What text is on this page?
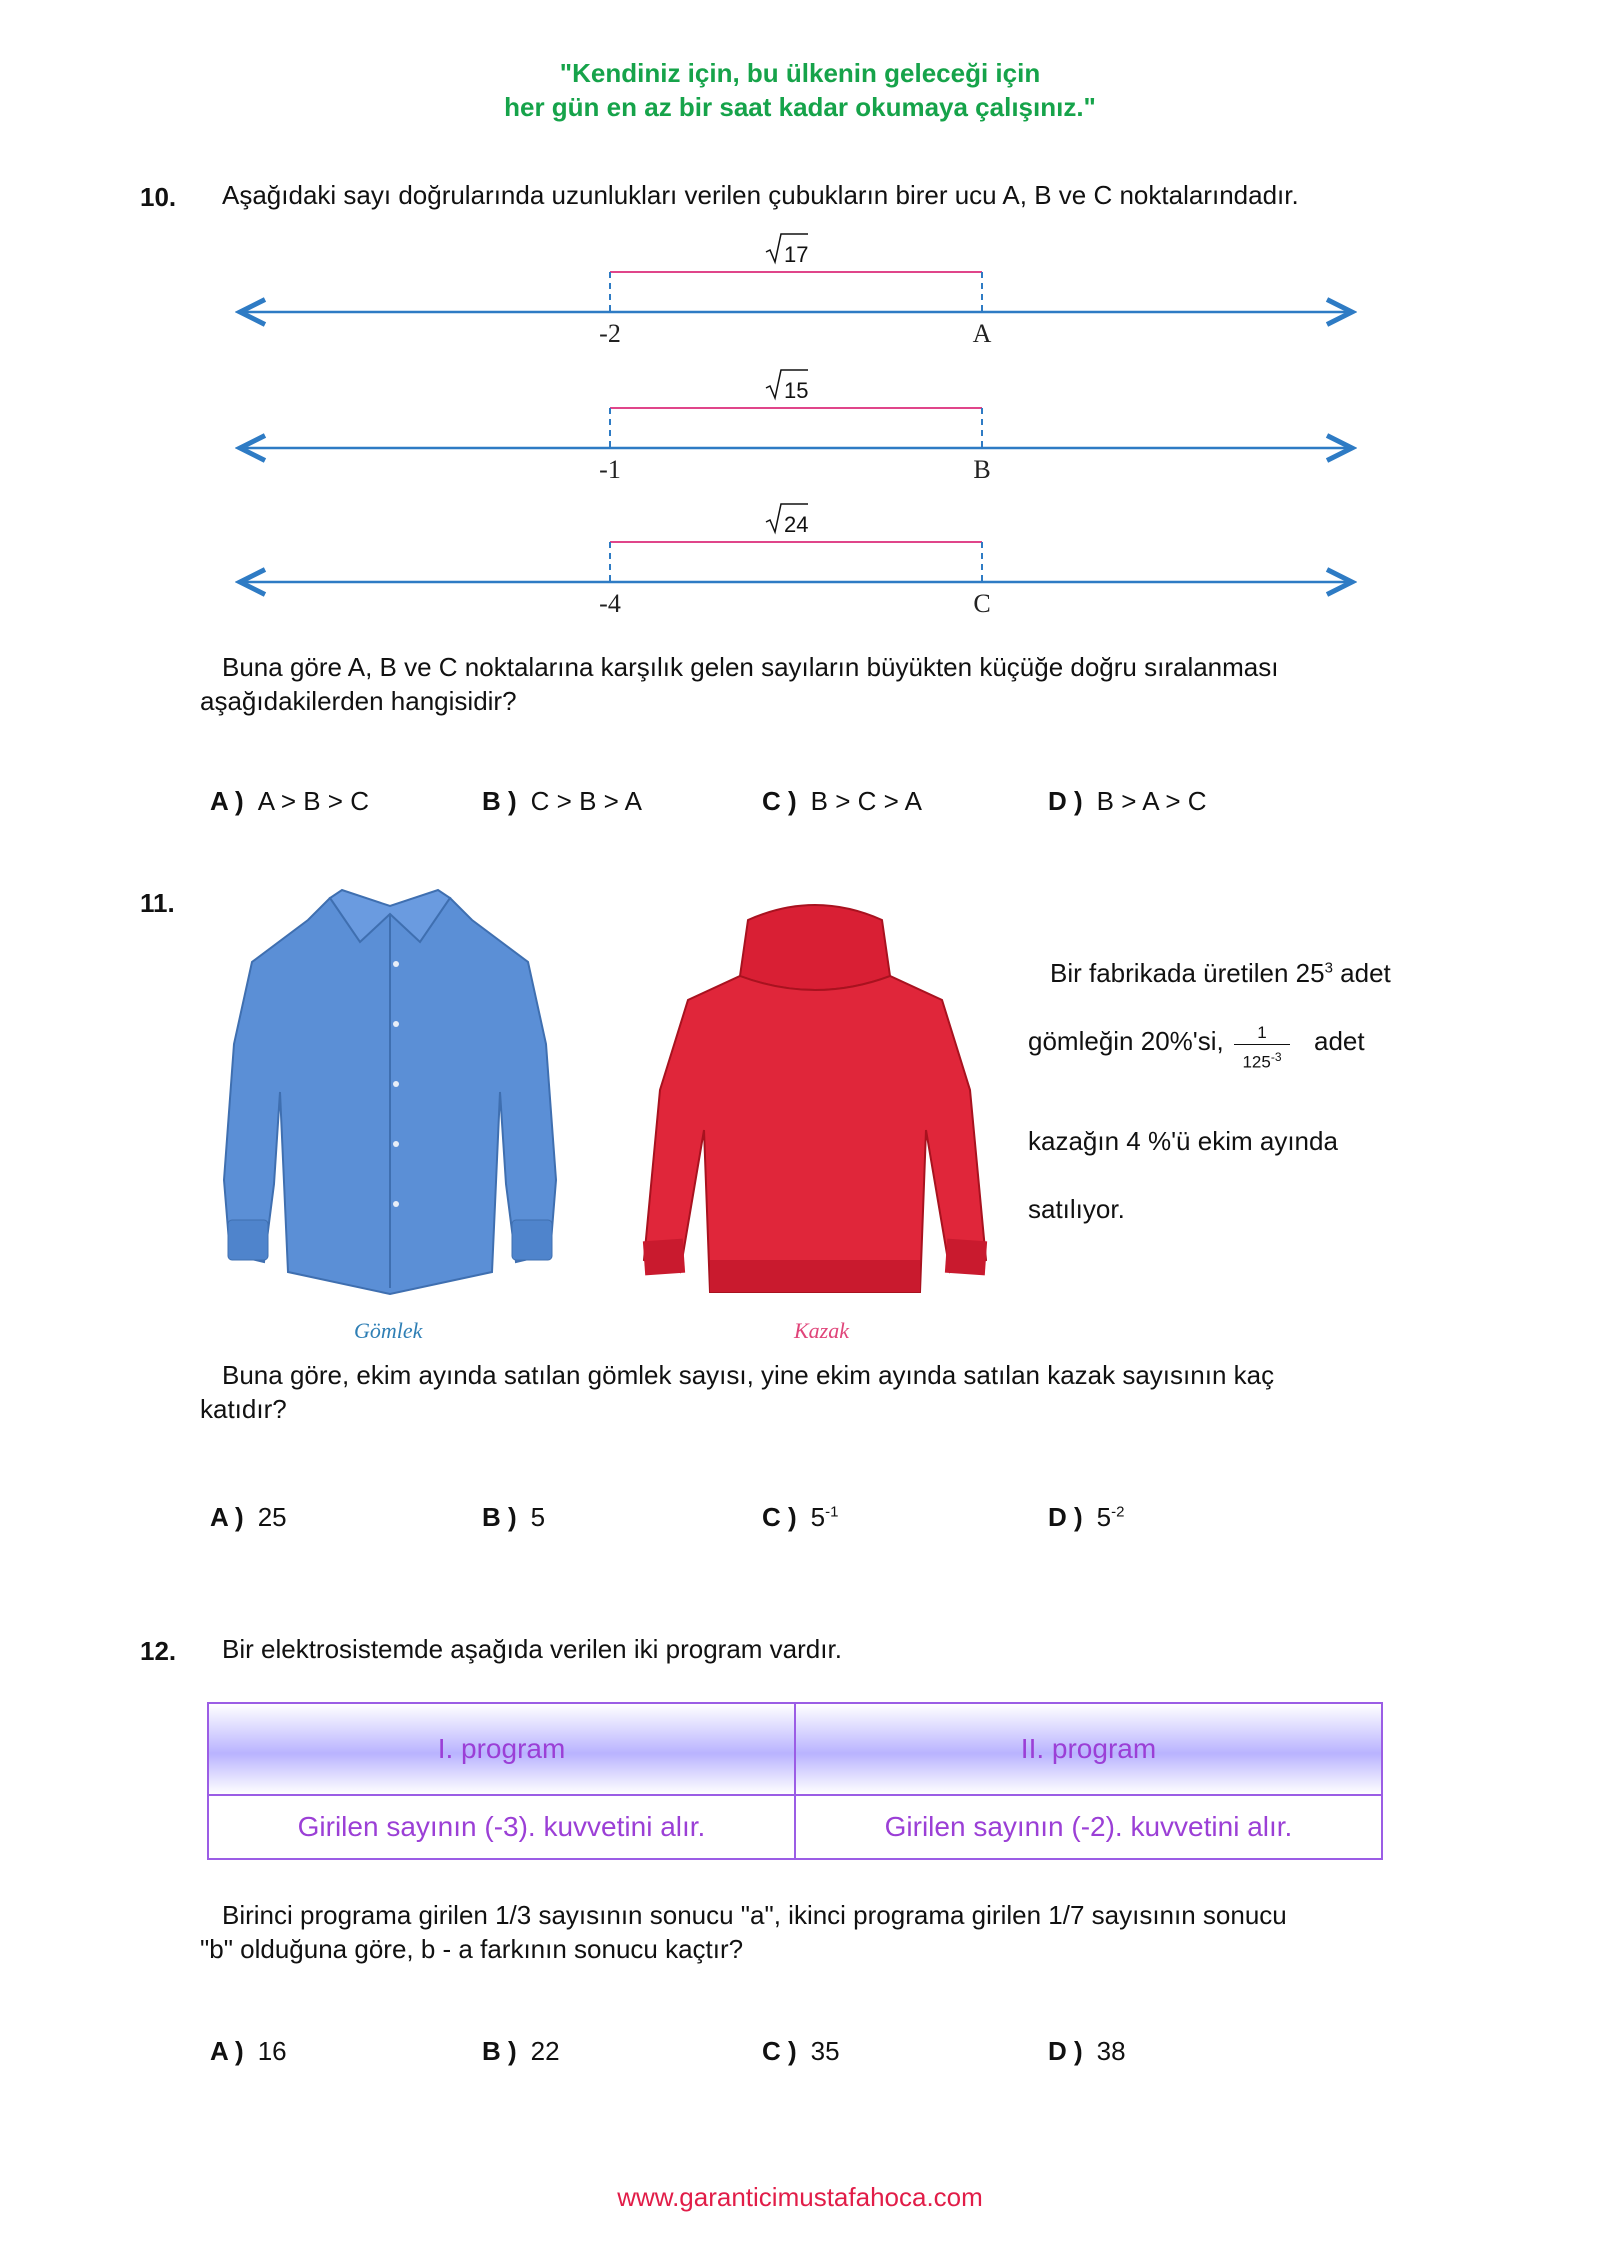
"Kendiniz için, bu ülkenin geleceği için
her gün en az bir saat kadar okumaya çalışınız."
10. Aşağıdaki sayı doğrularında uzunlukları verilen çubukların birer ucu A, B ve C noktalarındadır.
17
-2	A
15
-1	B
24
-4	C
Buna göre A, B ve C noktalarına karşılık gelen sayıların büyükten küçüğe doğru sıralanması
aşağıdakilerden hangisidir?
A ) A > B > C	B ) C > B > A	C ) B > C > A	D ) B > A > C
11.
Gömlek	Kazak
Bir fabrikada üretilen $25^3$ adet
gömleğin 20%'si, $\frac{1}{125^{-3}}$ adet
kazağın 4 %'ü ekim ayında
satılıyor.
Buna göre, ekim ayında satılan gömlek sayısı, yine ekim ayında satılan kazak sayısının kaç
katıdır?
A ) 25	B ) 5	C ) $5^{-1}$	D ) $5^{-2}$
12. Bir elektrosistemde aşağıda verilen iki program vardır.
I. program	II. program
Girilen sayının (-3). kuvvetini alır.	Girilen sayının (-2). kuvvetini alır.
Birinci programa girilen 1/3 sayısının sonucu "a", ikinci programa girilen 1/7 sayısının sonucu
"b" olduğuna göre, b - a farkının sonucu kaçtır?
A ) 16	B ) 22	C ) 35	D ) 38
www.garanticimustafahoca.com
